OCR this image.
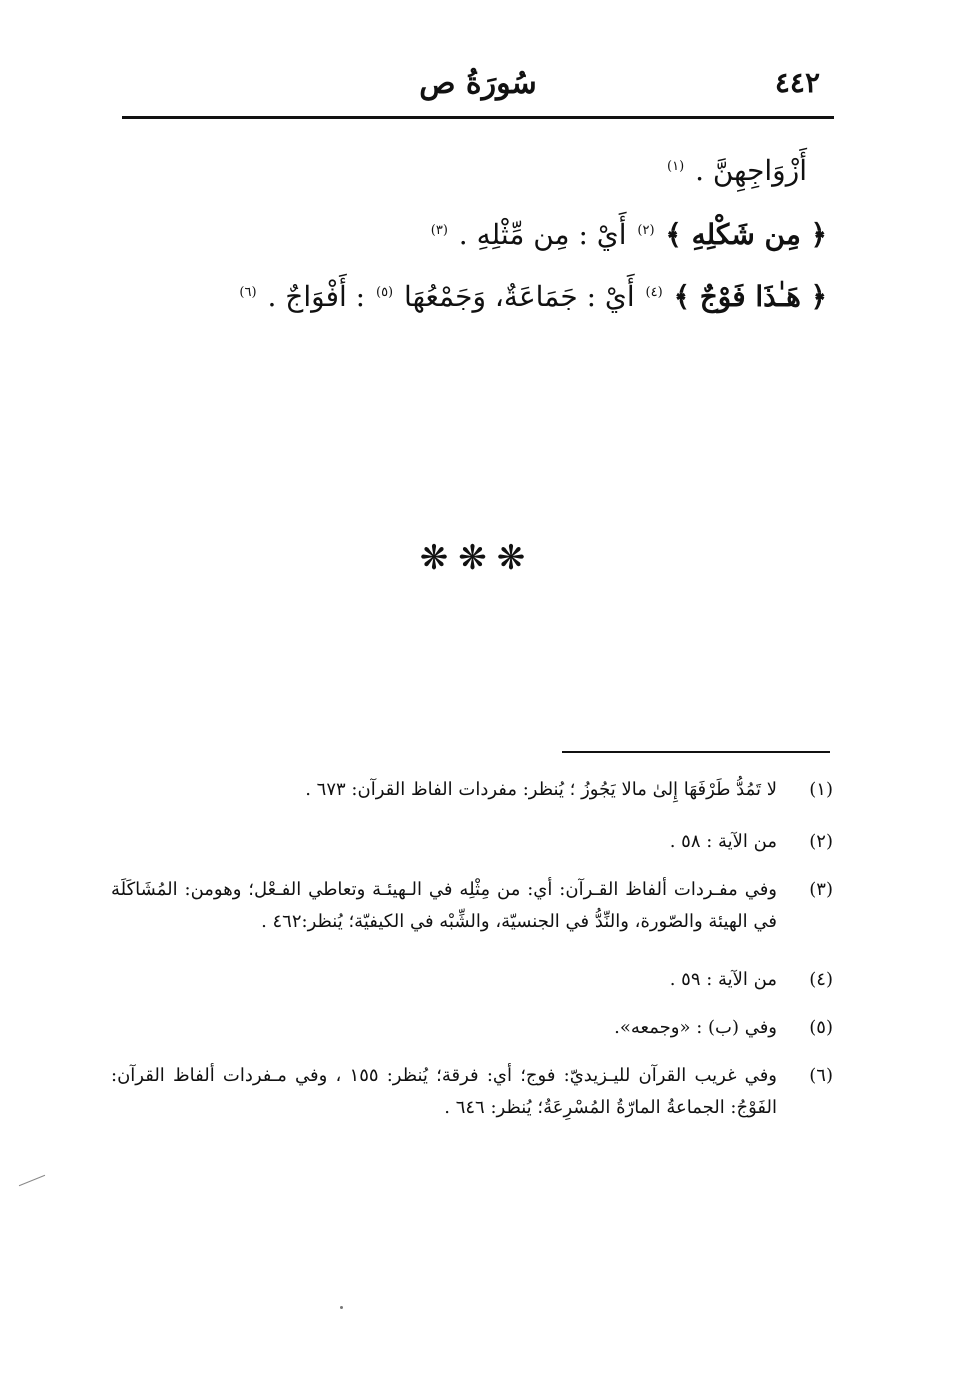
٤٤٢
سُورَةُ ص
أَزْوَاجِهِنَّ . $^{(١)}$
﴿ مِن شَكْلِهِ ﴾ $^{(٢)}$ أَيْ : مِن مِّثْلِهِ . $^{(٣)}$
﴿ هَـٰذَا فَوْجٌ ﴾ $^{(٤)}$ أَيْ : جَمَاعَةٌ، وَجَمْعُهَا $^{(٥)}$ : أَفْوَاجٌ . $^{(٦)}$
❋❋❋
(١)
لا تَمُدُّ طَرْفَهَا إِلىٰ مالا يَجُوزُ ؛ يُنظر: مفردات الفاظ القرآن: ٦٧٣ .
(٢)
من الآية : ٥٨ .
(٣)
وفي مفـردات ألفاظ القـرآن: أي: من مِثْلِه في الـهيئـة وتعاطي الفـعْل؛ وهومن: المُشَاكَلَة في الهيئة والصّورة، والنِّدُّ في الجنسيّة، والشِّبْه في الكيفيّة؛ يُنظر:٤٦٢ .
(٤)
من الآية : ٥٩ .
(٥)
وفي (ب) : «وجمعه».
(٦)
وفي غريب القرآن لليـزيديّ: فوج؛ أي: فرقة؛ يُنظر: ١٥٥ ، وفي مـفردات ألفاظ القرآن: الفَوْجُ: الجماعةُ المارّةُ المُسْرِعَةُ؛ يُنظر: ٦٤٦ .
